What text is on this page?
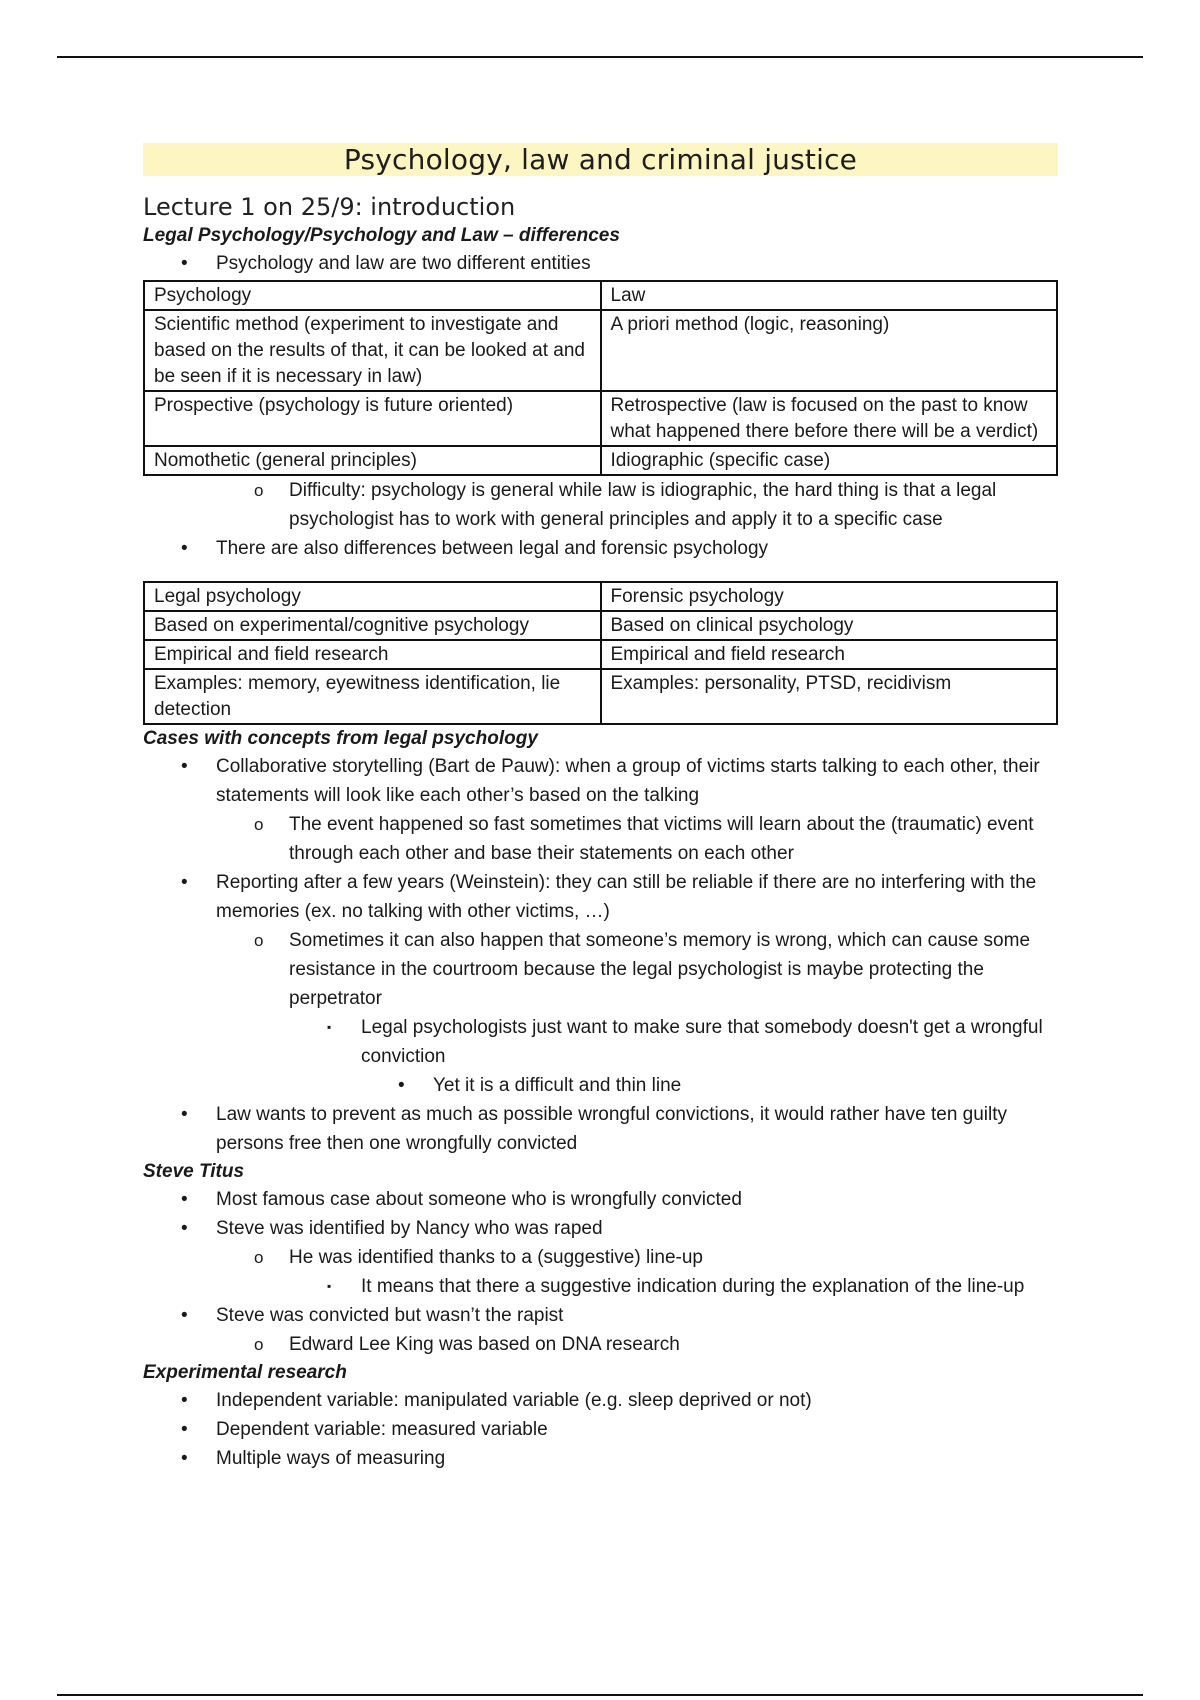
Psychology, law and criminal justice
Lecture 1 on 25/9: introduction
Legal Psychology/Psychology and Law – differences
• Psychology and law are two different entities
Psychology	Law
Scientific method (experiment to investigate and based on the results of that, it can be looked at and be seen if it is necessary in law)	A priori method (logic, reasoning)
Prospective (psychology is future oriented)	Retrospective (law is focused on the past to know what happened there before there will be a verdict)
Nomothetic (general principles)	Idiographic (specific case)
o Difficulty: psychology is general while law is idiographic, the hard thing is that a legal psychologist has to work with general principles and apply it to a specific case
• There are also differences between legal and forensic psychology
Legal psychology	Forensic psychology
Based on experimental/cognitive psychology	Based on clinical psychology
Empirical and field research	Empirical and field research
Examples: memory, eyewitness identification, lie detection	Examples: personality, PTSD, recidivism
Cases with concepts from legal psychology
• Collaborative storytelling (Bart de Pauw): when a group of victims starts talking to each other, their statements will look like each other’s based on the talking
o The event happened so fast sometimes that victims will learn about the (traumatic) event through each other and base their statements on each other
• Reporting after a few years (Weinstein): they can still be reliable if there are no interfering with the memories (ex. no talking with other victims, …)
o Sometimes it can also happen that someone’s memory is wrong, which can cause some resistance in the courtroom because the legal psychologist is maybe protecting the perpetrator
▪ Legal psychologists just want to make sure that somebody doesn't get a wrongful conviction
• Yet it is a difficult and thin line
• Law wants to prevent as much as possible wrongful convictions, it would rather have ten guilty persons free then one wrongfully convicted
Steve Titus
• Most famous case about someone who is wrongfully convicted
• Steve was identified by Nancy who was raped
o He was identified thanks to a (suggestive) line-up
▪ It means that there a suggestive indication during the explanation of the line-up
• Steve was convicted but wasn’t the rapist
o Edward Lee King was based on DNA research
Experimental research
• Independent variable: manipulated variable (e.g. sleep deprived or not)
• Dependent variable: measured variable
• Multiple ways of measuring
